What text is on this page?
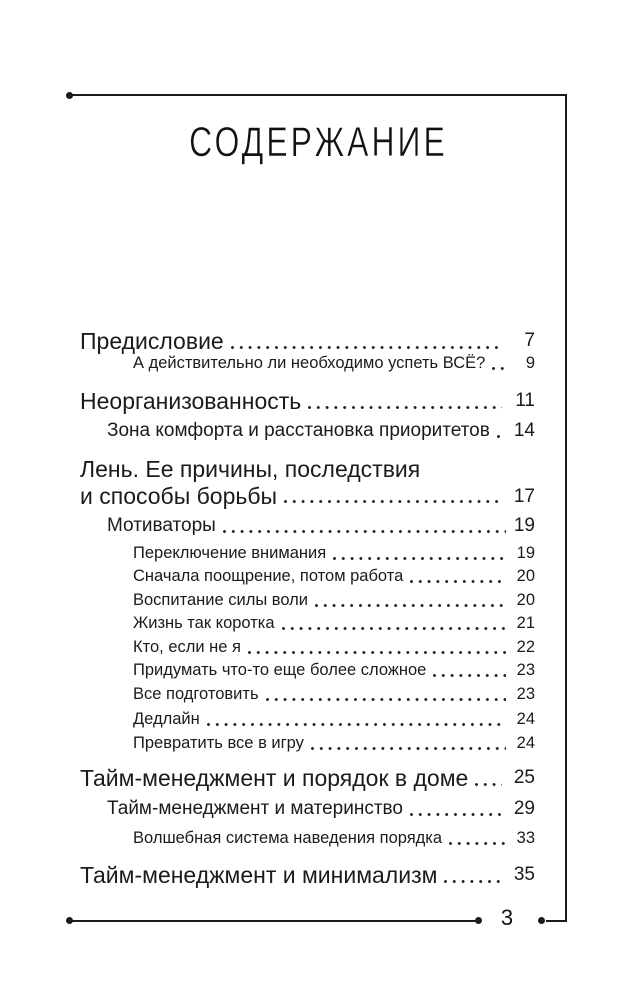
СОДЕРЖАНИЕ
Предисловие	7
А действительно ли необходимо успеть ВСЁ?	9
Неорганизованность	11
Зона комфорта и расстановка приоритетов 14
Лень. Ее причины, последствия
и способы борьбы	17
Мотиваторы	19
Переключение внимания	19
Сначала поощрение, потом работа	20
Воспитание силы воли	20
Жизнь так коротка	21
Кто, если не я	22
Придумать что-то еще более сложное	23
Все подготовить	23
Дедлайн	24
Превратить все в игру	24
Тайм-менеджмент и порядок в доме	25
Тайм-менеджмент и материнство	29
Волшебная система наведения порядка	33
Тайм-менеджмент и минимализм	35
3
